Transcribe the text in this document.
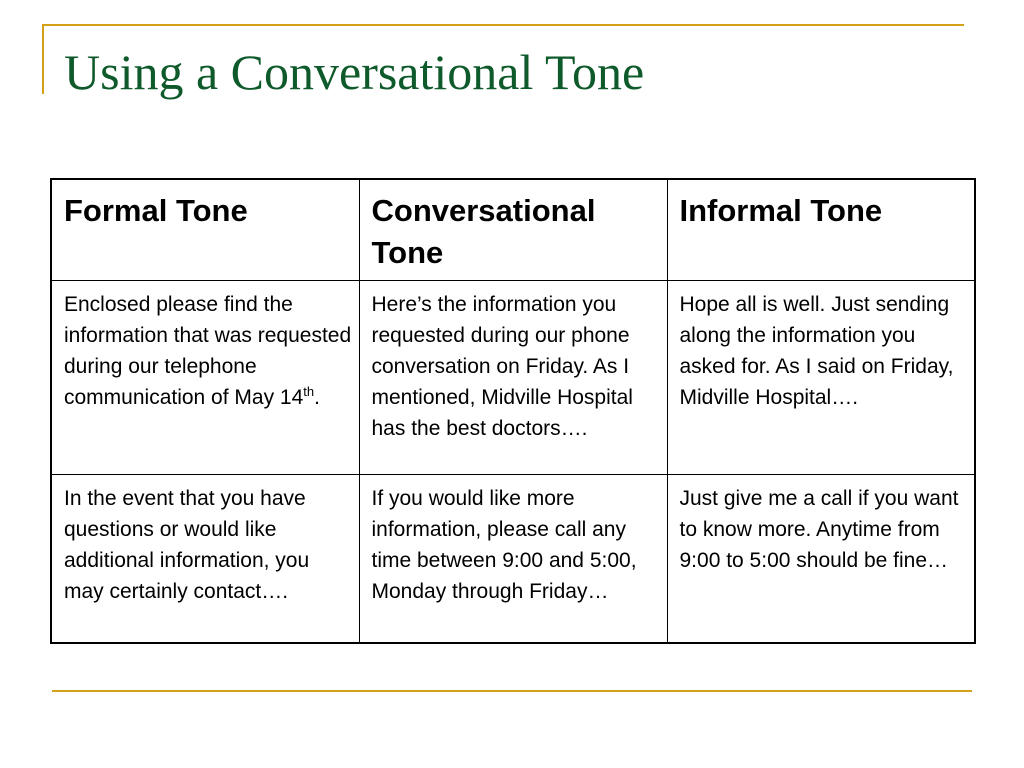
Using a Conversational Tone
Formal Tone	Conversational Tone	Informal Tone
Enclosed please find the information that was requested during our telephone communication of May 14th.	Here’s the information you requested during our phone conversation on Friday. As I mentioned, Midville Hospital has the best doctors….	Hope all is well. Just sending along the information you asked for. As I said on Friday, Midville Hospital….
In the event that you have questions or would like additional information, you may certainly contact….	If you would like more information, please call any time between 9:00 and 5:00, Monday through Friday…	Just give me a call if you want to know more. Anytime from 9:00 to 5:00 should be fine…
